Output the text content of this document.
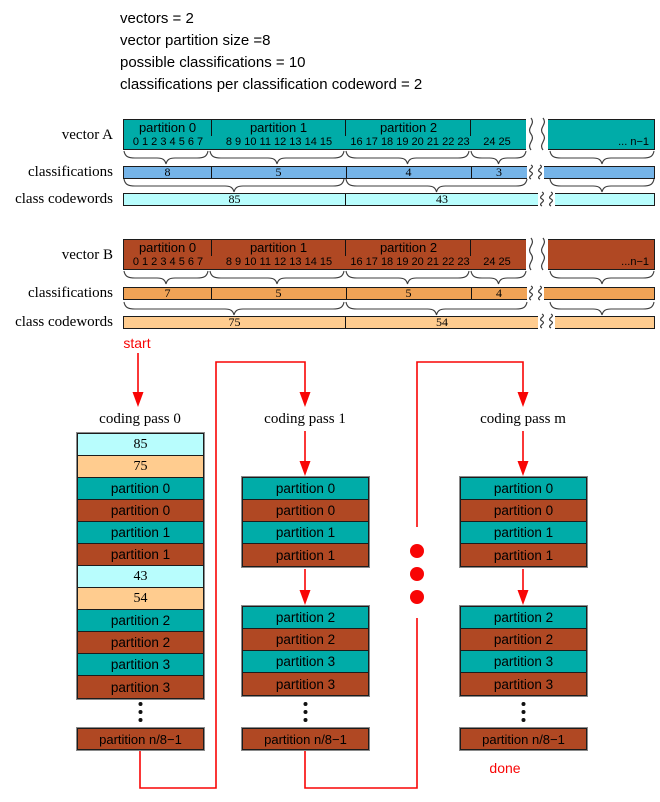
vectors = 2
vector partition size =8
possible classifications = 10
classifications per classification codeword = 2
vector A	partition 0	partition 1	partition 2
0 1 2 3 4 5 6 7	8 9 10 11 12 13 14 15	16 17 18 19 20 21 22 23	24 25	... n−1
classifications	8	5	4	3
class codewords	85	43
vector B	partition 0	partition 1	partition 2
0 1 2 3 4 5 6 7	8 9 10 11 12 13 14 15	16 17 18 19 20 21 22 23	24 25	...n−1
classifications	7	5	5	4
class codewords	75	54
start
coding pass 0	coding pass 1	coding pass m
85
75
partition 0
partition 0
partition 1
partition 1
43
54
partition 2
partition 2
partition 3
partition 3
partition n/8−1
partition 0
partition 0
partition 1
partition 1
partition 2
partition 2
partition 3
partition 3
partition n/8−1
partition 0
partition 0
partition 1
partition 1
partition 2
partition 2
partition 3
partition 3
partition n/8−1
done
